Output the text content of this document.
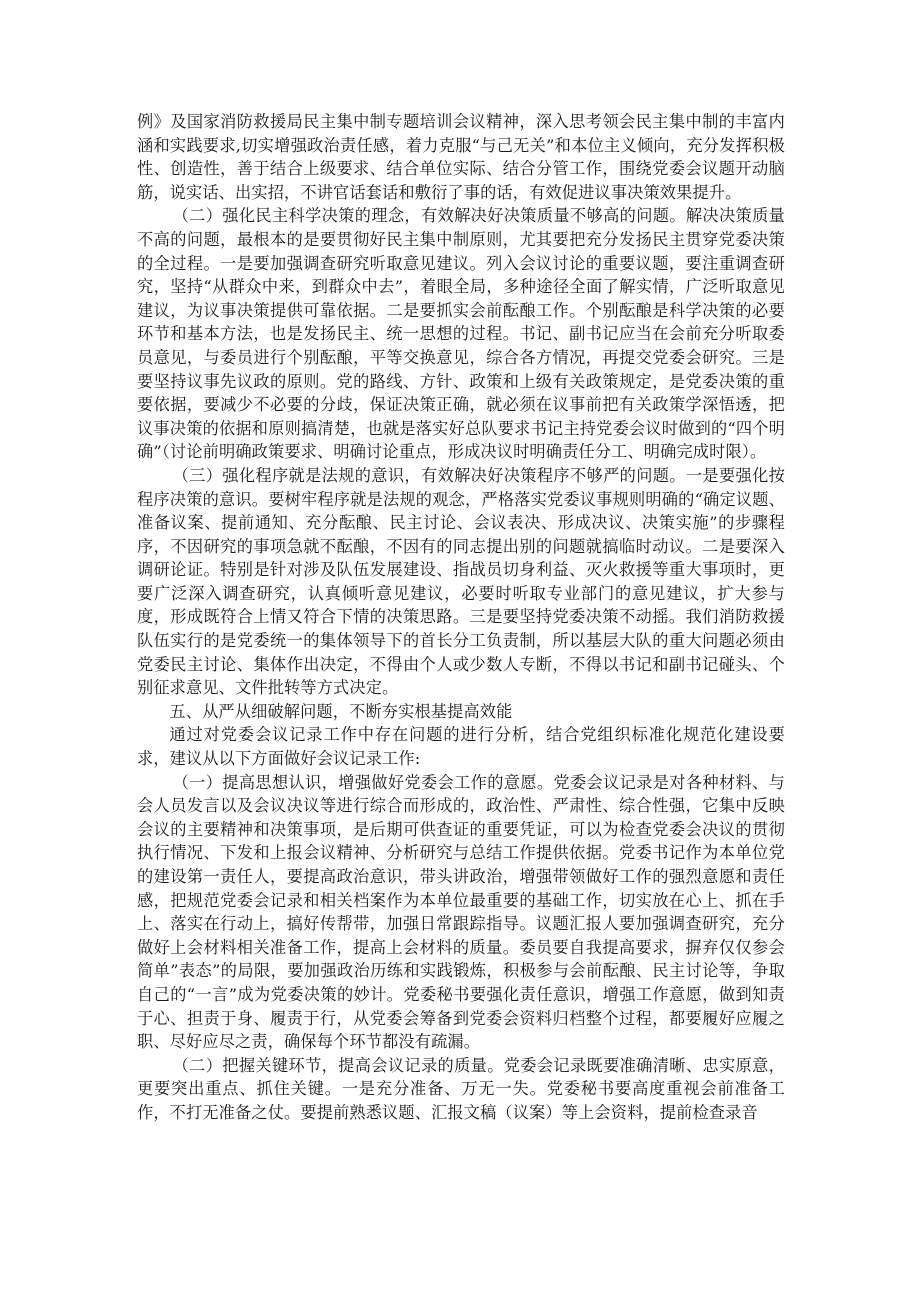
例》及国家消防救援局民主集中制专题培训会议精神，深入思考领会民主集中制的丰富内涵和实践要求,切实增强政治责任感，着力克服“与己无关”和本位主义倾向，充分发挥积极性、创造性，善于结合上级要求、结合单位实际、结合分管工作，围绕党委会议题开动脑筋，说实话、出实招，不讲官话套话和敷衍了事的话，有效促进议事决策效果提升。

（二）强化民主科学决策的理念，有效解决好决策质量不够高的问题。解决决策质量不高的问题，最根本的是要贯彻好民主集中制原则，尤其要把充分发扬民主贯穿党委决策的全过程。一是要加强调查研究听取意见建议。列入会议讨论的重要议题，要注重调查研究，坚持“从群众中来，到群众中去”，着眼全局，多种途径全面了解实情，广泛听取意见建议，为议事决策提供可靠依据。二是要抓实会前酝酿工作。个别酝酿是科学决策的必要环节和基本方法，也是发扬民主、统一思想的过程。书记、副书记应当在会前充分听取委员意见，与委员进行个别酝酿，平等交换意见，综合各方情况，再提交党委会研究。三是要坚持议事先议政的原则。党的路线、方针、政策和上级有关政策规定，是党委决策的重要依据，要减少不必要的分歧，保证决策正确，就必须在议事前把有关政策学深悟透，把议事决策的依据和原则搞清楚，也就是落实好总队要求书记主持党委会议时做到的“四个明确”（讨论前明确政策要求、明确讨论重点，形成决议时明确责任分工、明确完成时限）。

（三）强化程序就是法规的意识，有效解决好决策程序不够严的问题。一是要强化按程序决策的意识。要树牢程序就是法规的观念，严格落实党委议事规则明确的“确定议题、准备议案、提前通知、充分酝酿、民主讨论、会议表决、形成决议、决策实施”的步骤程序，不因研究的事项急就不酝酿，不因有的同志提出别的问题就搞临时动议。二是要深入调研论证。特别是针对涉及队伍发展建设、指战员切身利益、灭火救援等重大事项时，更要广泛深入调查研究，认真倾听意见建议，必要时听取专业部门的意见建议，扩大参与度，形成既符合上情又符合下情的决策思路。三是要坚持党委决策不动摇。我们消防救援队伍实行的是党委统一的集体领导下的首长分工负责制，所以基层大队的重大问题必须由党委民主讨论、集体作出决定，不得由个人或少数人专断，不得以书记和副书记碰头、个别征求意见、文件批转等方式决定。

五、从严从细破解问题，不断夯实根基提高效能

通过对党委会议记录工作中存在问题的进行分析，结合党组织标准化规范化建设要求，建议从以下方面做好会议记录工作:

（一）提高思想认识，增强做好党委会工作的意愿。党委会议记录是对各种材料、与会人员发言以及会议决议等进行综合而形成的，政治性、严肃性、综合性强，它集中反映会议的主要精神和决策事项，是后期可供查证的重要凭证，可以为检查党委会决议的贯彻执行情况、下发和上报会议精神、分析研究与总结工作提供依据。党委书记作为本单位党的建设第一责任人，要提高政治意识，带头讲政治，增强带领做好工作的强烈意愿和责任感，把规范党委会记录和相关档案作为本单位最重要的基础工作，切实放在心上、抓在手上、落实在行动上，搞好传帮带，加强日常跟踪指导。议题汇报人要加强调查研究，充分做好上会材料相关准备工作，提高上会材料的质量。委员要自我提高要求，摒弃仅仅参会简单”表态”的局限，要加强政治历练和实践锻炼，积极参与会前酝酿、民主讨论等，争取自己的“一言”成为党委决策的妙计。党委秘书要强化责任意识，增强工作意愿，做到知责于心、担责于身、履责于行，从党委会筹备到党委会资料归档整个过程，都要履好应履之职、尽好应尽之责，确保每个环节都没有疏漏。

（二）把握关键环节，提高会议记录的质量。党委会记录既要准确清晰、忠实原意，更要突出重点、抓住关键。一是充分准备、万无一失。党委秘书要高度重视会前准备工作，不打无准备之仗。要提前熟悉议题、汇报文稿（议案）等上会资料，提前检查录音
